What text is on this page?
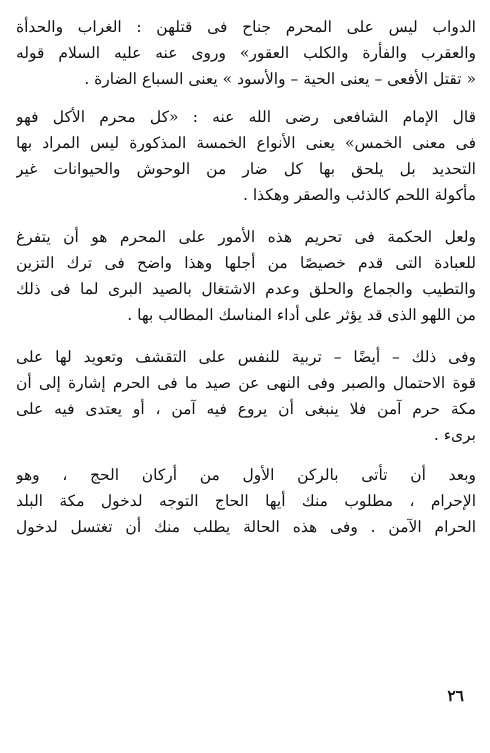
الدواب ليس على المحرم جناح فى قتلهن : الغراب والحدأة
والعقرب والفأرة والكلب العقور» وروى عنه عليه السلام قوله
« تقتل الأفعى – يعنى الحية – والأسود » يعنى السباع الضارة .
قال الإمام الشافعى رضى الله عنه : «كل محرم الأكل فهو
فى معنى الخمس» يعنى الأنواع الخمسة المذكورة ليس المراد بها
التحديد بل يلحق بها كل ضار من الوحوش والحيوانات غير
مأكولة اللحم كالذئب والصقر وهكذا .
ولعل الحكمة فى تحريم هذه الأمور على المحرم هو أن يتفرغ
للعبادة التى قدم خصيصًا من أجلها وهذا واضح فى ترك التزين
والتطيب والجماع والحلق وعدم الاشتغال بالصيد البرى لما فى ذلك
من اللهو الذى قد يؤثر على أداء المناسك المطالب بها .
وفى ذلك – أيضًا – تربية للنفس على التقشف وتعويد لها على
قوة الاحتمال والصبر وفى النهى عن صيد ما فى الحرم إشارة إلى أن
مكة حرم آمن فلا ينبغى أن يروع فيه آمن ، أو يعتدى فيه على
برىء .
وبعد أن تأتى بالركن الأول من أركان الحج ، وهو
الإحرام ، مطلوب منك أيها الحاج التوجه لدخول مكة البلد
الحرام الآمن . وفى هذه الحالة يطلب منك أن تغتسل لدخول
٢٦
